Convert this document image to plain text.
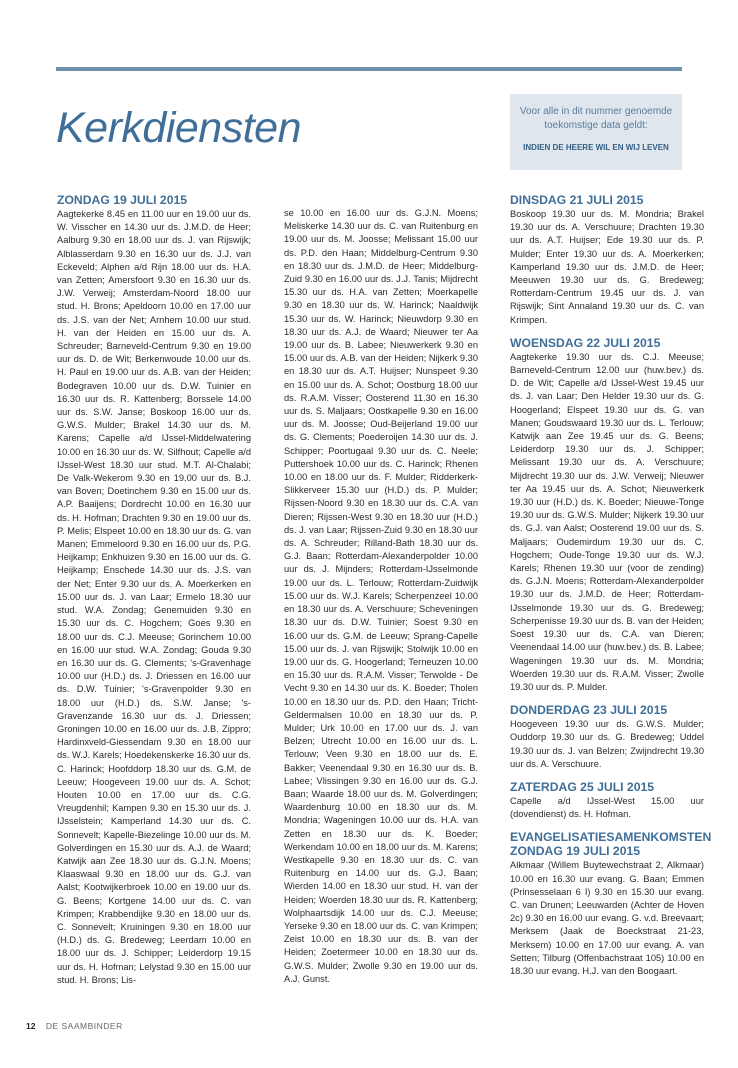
Kerkdiensten	Voor alle in dit nummer genoemde toekomstige data geldt:
INDIEN DE HEERE WIL EN WIJ LEVEN
ZONDAG 19 JULI 2015
Aagtekerke 8.45 en 11.00 uur en 19.00 uur ds. W. Visscher en 14.30 uur ds. J.M.D. de Heer; Aalburg 9.30 en 18.00 uur ds. J. van Rijswijk; Alblasserdam 9.30 en 16.30 uur ds. J.J. van Eckeveld; Alphen a/d Rijn 18.00 uur ds. H.A. van Zetten; Amersfoort 9.30 en 16.30 uur ds. J.W. Verweij; Amsterdam-Noord 18.00 uur stud. H. Brons; Apeldoorn 10.00 en 17.00 uur ds. J.S. van der Net; Arnhem 10.00 uur stud. H. van der Heiden en 15.00 uur ds. A. Schreuder; Barneveld-Centrum 9.30 en 19.00 uur ds. D. de Wit; Berkenwoude 10.00 uur ds. H. Paul en 19.00 uur ds. A.B. van der Heiden; Bodegraven 10.00 uur ds. D.W. Tuinier en 16.30 uur ds. R. Kattenberg; Borssele 14.00 uur ds. S.W. Janse; Boskoop 16.00 uur ds. G.W.S. Mulder; Brakel 14.30 uur ds. M. Karens; Capelle a/d IJssel-Middelwatering 10.00 en 16.30 uur ds. W. Silfhout; Capelle a/d IJssel-West 18.30 uur stud. M.T. Al-Chalabi; De Valk-Wekerom 9.30 en 19.00 uur ds. B.J. van Boven; Doetinchem 9.30 en 15.00 uur ds. A.P. Baaijens; Dordrecht 10.00 en 16.30 uur ds. H. Hofman; Drachten 9.30 en 19.00 uur ds. P. Melis; Elspeet 10.00 en 18.30 uur ds. G. van Manen; Emmeloord 9.30 en 16.00 uur ds. P.G. Heijkamp; Enkhuizen 9.30 en 16.00 uur ds. G. Heijkamp; Enschede 14.30 uur ds. J.S. van der Net; Enter 9.30 uur ds. A. Moerkerken en 15.00 uur ds. J. van Laar; Ermelo 18.30 uur stud. W.A. Zondag; Genemuiden 9.30 en 15.30 uur ds. C. Hogchem; Goes 9.30 en 18.00 uur ds. C.J. Meeuse; Gorinchem 10.00 en 16.00 uur stud. W.A. Zondag; Gouda 9.30 en 16.30 uur ds. G. Clements; 's-Gravenhage 10.00 uur (H.D.) ds. J. Driessen en 16.00 uur ds. D.W. Tuinier; 's-Gravenpolder 9.30 en 18.00 uur (H.D.) ds. S.W. Janse; 's-Gravenzande 16.30 uur ds. J. Driessen; Groningen 10.00 en 16.00 uur ds. J.B. Zippro; Hardinxveld-Giessendam 9.30 en 18.00 uur ds. W.J. Karels; Hoedekenskerke 16.30 uur ds. C. Harinck; Hoofddorp 18.30 uur ds. G.M. de Leeuw; Hoogeveen 19.00 uur ds. A. Schot; Houten 10.00 en 17.00 uur ds. C.G. Vreugdenhil; Kampen 9.30 en 15.30 uur ds. J. IJsselstein; Kamperland 14.30 uur ds. C. Sonnevelt; Kapelle-Biezelinge 10.00 uur ds. M. Golverdingen en 15.30 uur ds. A.J. de Waard; Katwijk aan Zee 18.30 uur ds. G.J.N. Moens; Klaaswaal 9.30 en 18.00 uur ds. G.J. van Aalst; Kootwijkerbroek 10.00 en 19.00 uur ds. G. Beens; Kortgene 14.00 uur ds. C. van Krimpen; Krabbendijke 9.30 en 18.00 uur ds. C. Sonnevelt; Kruiningen 9.30 en 18.00 uur (H.D.) ds. G. Bredeweg; Leerdam 10.00 en 18.00 uur ds. J. Schipper; Leiderdorp 19.15 uur ds. H. Hofman; Lelystad 9.30 en 15.00 uur stud. H. Brons; Lis-
se 10.00 en 16.00 uur ds. G.J.N. Moens; Meliskerke 14.30 uur ds. C. van Ruitenburg en 19.00 uur ds. M. Joosse; Melissant 15.00 uur ds. P.D. den Haan; Middelburg-Centrum 9.30 en 18.30 uur ds. J.M.D. de Heer; Middelburg-Zuid 9.30 en 16.00 uur ds. J.J. Tanis; Mijdrecht 15.30 uur ds. H.A. van Zetten; Moerkapelle 9.30 en 18.30 uur ds. W. Harinck; Naaldwijk 15.30 uur ds. W. Harinck; Nieuwdorp 9.30 en 18.30 uur ds. A.J. de Waard; Nieuwer ter Aa 19.00 uur ds. B. Labee; Nieuwerkerk 9.30 en 15.00 uur ds. A.B. van der Heiden; Nijkerk 9.30 en 18.30 uur ds. A.T. Huijser; Nunspeet 9.30 en 15.00 uur ds. A. Schot; Oostburg 18.00 uur ds. R.A.M. Visser; Oosterend 11.30 en 16.30 uur ds. S. Maljaars; Oostkapelle 9.30 en 16.00 uur ds. M. Joosse; Oud-Beijerland 19.00 uur ds. G. Clements; Poederoijen 14.30 uur ds. J. Schipper; Poortugaal 9.30 uur ds. C. Neele; Puttershoek 10.00 uur ds. C. Harinck; Rhenen 10.00 en 18.00 uur ds. F. Mulder; Ridderkerk-Slikkerveer 15.30 uur (H.D.) ds. P. Mulder; Rijssen-Noord 9.30 en 18.30 uur ds. C.A. van Dieren; Rijssen-West 9.30 en 18.30 uur (H.D.) ds. J. van Laar; Rijssen-Zuid 9.30 en 18.30 uur ds. A. Schreuder; Rilland-Bath 18.30 uur ds. G.J. Baan; Rotterdam-Alexanderpolder 10.00 uur ds. J. Mijnders; Rotterdam-IJsselmonde 19.00 uur ds. L. Terlouw; Rotterdam-Zuidwijk 15.00 uur ds. W.J. Karels; Scherpenzeel 10.00 en 18.30 uur ds. A. Verschuure; Scheveningen 18.30 uur ds. D.W. Tuinier; Soest 9.30 en 16.00 uur ds. G.M. de Leeuw; Sprang-Capelle 15.00 uur ds. J. van Rijswijk; Stolwijk 10.00 en 19.00 uur ds. G. Hoogerland; Terneuzen 10.00 en 15.30 uur ds. R.A.M. Visser; Terwolde - De Vecht 9.30 en 14.30 uur ds. K. Boeder; Tholen 10.00 en 18.30 uur ds. P.D. den Haan; Tricht-Geldermalsen 10.00 en 18.30 uur ds. P. Mulder; Urk 10.00 en 17.00 uur ds. J. van Belzen; Utrecht 10.00 en 16.00 uur ds. L. Terlouw; Veen 9.30 en 18.00 uur ds. E. Bakker; Veenendaal 9.30 en 16.30 uur ds. B. Labee; Vlissingen 9.30 en 16.00 uur ds. G.J. Baan; Waarde 18.00 uur ds. M. Golverdingen; Waardenburg 10.00 en 18.30 uur ds. M. Mondria; Wageningen 10.00 uur ds. H.A. van Zetten en 18.30 uur ds. K. Boeder; Werkendam 10.00 en 18.00 uur ds. M. Karens; Westkapelle 9.30 en 18.30 uur ds. C. van Ruitenburg en 14.00 uur ds. G.J. Baan; Wierden 14.00 en 18.30 uur stud. H. van der Heiden; Woerden 18.30 uur ds. R. Kattenberg; Wolphaartsdijk 14.00 uur ds. C.J. Meeuse; Yerseke 9.30 en 18.00 uur ds. C. van Krimpen; Zeist 10.00 en 18.30 uur ds. B. van der Heiden; Zoetermeer 10.00 en 18.30 uur ds. G.W.S. Mulder; Zwolle 9.30 en 19.00 uur ds. A.J. Gunst.
DINSDAG 21 JULI 2015
Boskoop 19.30 uur ds. M. Mondria; Brakel 19.30 uur ds. A. Verschuure; Drachten 19.30 uur ds. A.T. Huijser; Ede 19.30 uur ds. P. Mulder; Enter 19.30 uur ds. A. Moerkerken; Kamperland 19.30 uur ds. J.M.D. de Heer; Meeuwen 19.30 uur ds. G. Bredeweg; Rotterdam-Centrum 19.45 uur ds. J. van Rijswijk; Sint Annaland 19.30 uur ds. C. van Krimpen.
WOENSDAG 22 JULI 2015
Aagtekerke 19.30 uur ds. C.J. Meeuse; Barneveld-Centrum 12.00 uur (huw.bev.) ds. D. de Wit; Capelle a/d IJssel-West 19.45 uur ds. J. van Laar; Den Helder 19.30 uur ds. G. Hoogerland; Elspeet 19.30 uur ds. G. van Manen; Goudswaard 19.30 uur ds. L. Terlouw; Katwijk aan Zee 19.45 uur ds. G. Beens; Leiderdorp 19.30 uur ds. J. Schipper; Melissant 19.30 uur ds. A. Verschuure; Mijdrecht 19.30 uur ds. J.W. Verweij; Nieuwer ter Aa 19.45 uur ds. A. Schot; Nieuwerkerk 19.30 uur (H.D.) ds. K. Boeder; Nieuwe-Tonge 19.30 uur ds. G.W.S. Mulder; Nijkerk 19.30 uur ds. G.J. van Aalst; Oosterend 19.00 uur ds. S. Maljaars; Oudemirdum 19.30 uur ds. C. Hogchem; Oude-Tonge 19.30 uur ds. W.J. Karels; Rhenen 19.30 uur (voor de zending) ds. G.J.N. Moens; Rotterdam-Alexanderpolder 19.30 uur ds. J.M.D. de Heer; Rotterdam-IJsselmonde 19.30 uur ds. G. Bredeweg; Scherpenisse 19.30 uur ds. B. van der Heiden; Soest 19.30 uur ds. C.A. van Dieren; Veenendaal 14.00 uur (huw.bev.) ds. B. Labee; Wageningen 19.30 uur ds. M. Mondria; Woerden 19.30 uur ds. R.A.M. Visser; Zwolle 19.30 uur ds. P. Mulder.
DONDERDAG 23 JULI 2015
Hoogeveen 19.30 uur ds. G.W.S. Mulder; Ouddorp 19.30 uur ds. G. Bredeweg; Uddel 19.30 uur ds. J. van Belzen; Zwijndrecht 19.30 uur ds. A. Verschuure.
ZATERDAG 25 JULI 2015
Capelle a/d IJssel-West 15.00 uur (dovendienst) ds. H. Hofman.
EVANGELISATIESAMENKOMSTEN ZONDAG 19 JULI 2015
Alkmaar (Willem Buytewechstraat 2, Alkmaar) 10.00 en 16.30 uur evang. G. Baan; Emmen (Prinsesselaan 6 I) 9.30 en 15.30 uur evang. C. van Drunen; Leeuwarden (Achter de Hoven 2c) 9.30 en 16.00 uur evang. G. v.d. Breevaart; Merksem (Jaak de Boeckstraat 21-23, Merksem) 10.00 en 17.00 uur evang. A. van Setten; Tilburg (Offenbachstraat 105) 10.00 en 18.30 uur evang. H.J. van den Boogaart.
12 DE SAAMBINDER
